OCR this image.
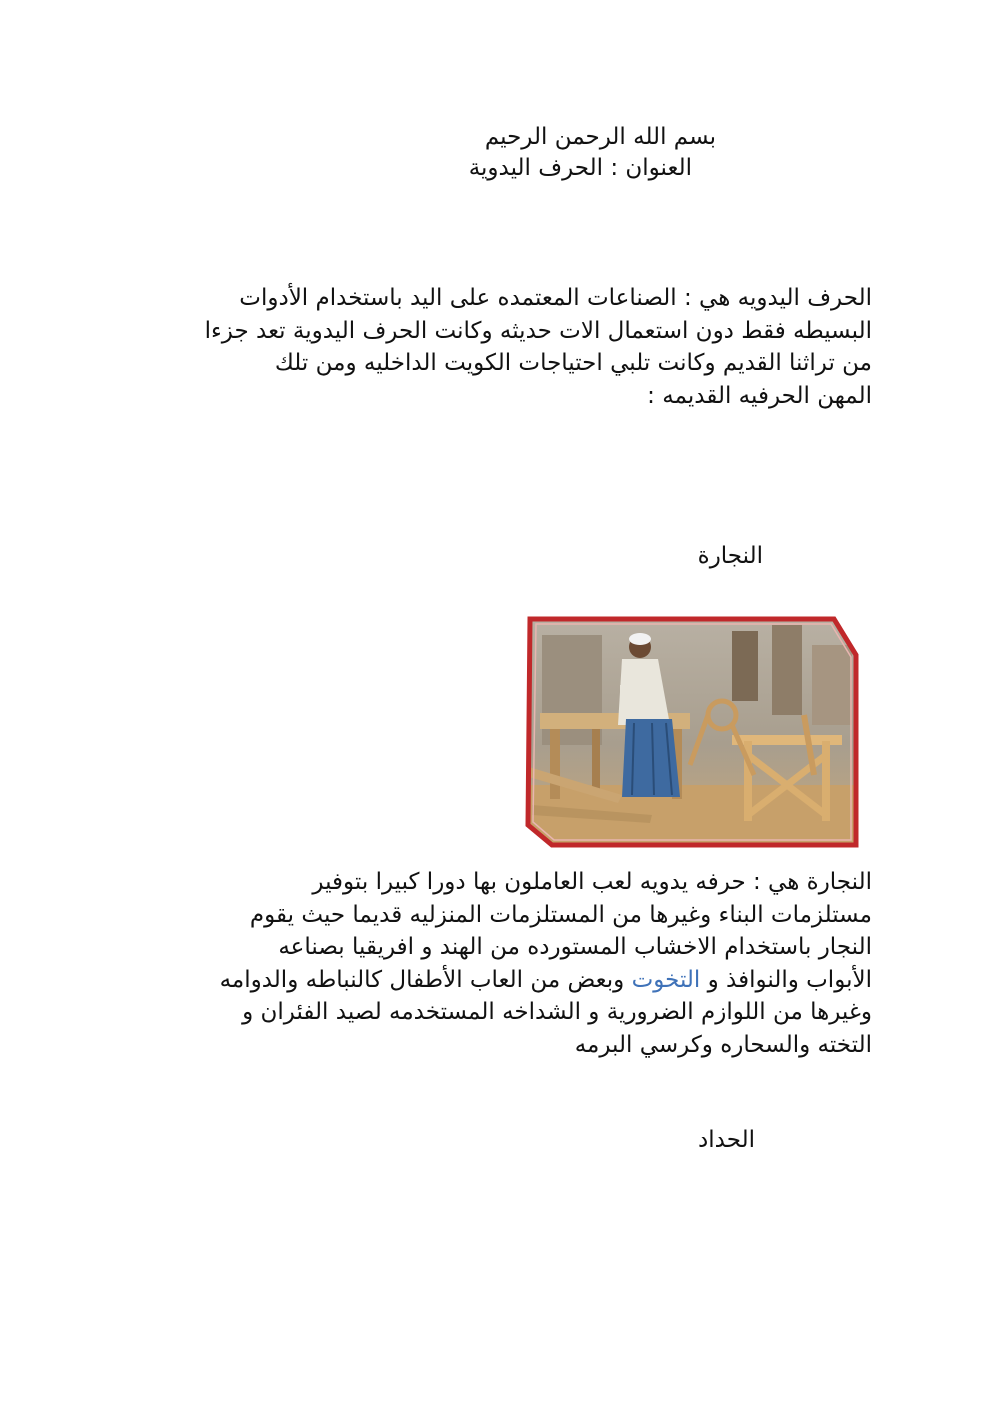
بسم الله الرحمن الرحيم
العنوان : الحرف اليدوية
الحرف اليدويه هي : الصناعات المعتمده على اليد باستخدام الأدوات
البسيطه فقط دون استعمال الات حديثه وكانت الحرف اليدوية تعد جزءا
من تراثنا القديم وكانت تلبي احتياجات الكويت الداخليه ومن تلك
المهن الحرفيه القديمه :
النجارة
النجارة هي : حرفه يدويه لعب العاملون بها دورا كبيرا بتوفير
مستلزمات البناء وغيرها من المستلزمات المنزليه قديما حيث يقوم
النجار باستخدام الاخشاب المستورده من الهند و افريقيا بصناعه
الأبواب والنوافذ و التخوت وبعض من العاب الأطفال كالنباطه والدوامه
وغيرها من اللوازم الضرورية و الشداخه المستخدمه لصيد الفئران و
التخته والسحاره وكرسي البرمه
الحداد
